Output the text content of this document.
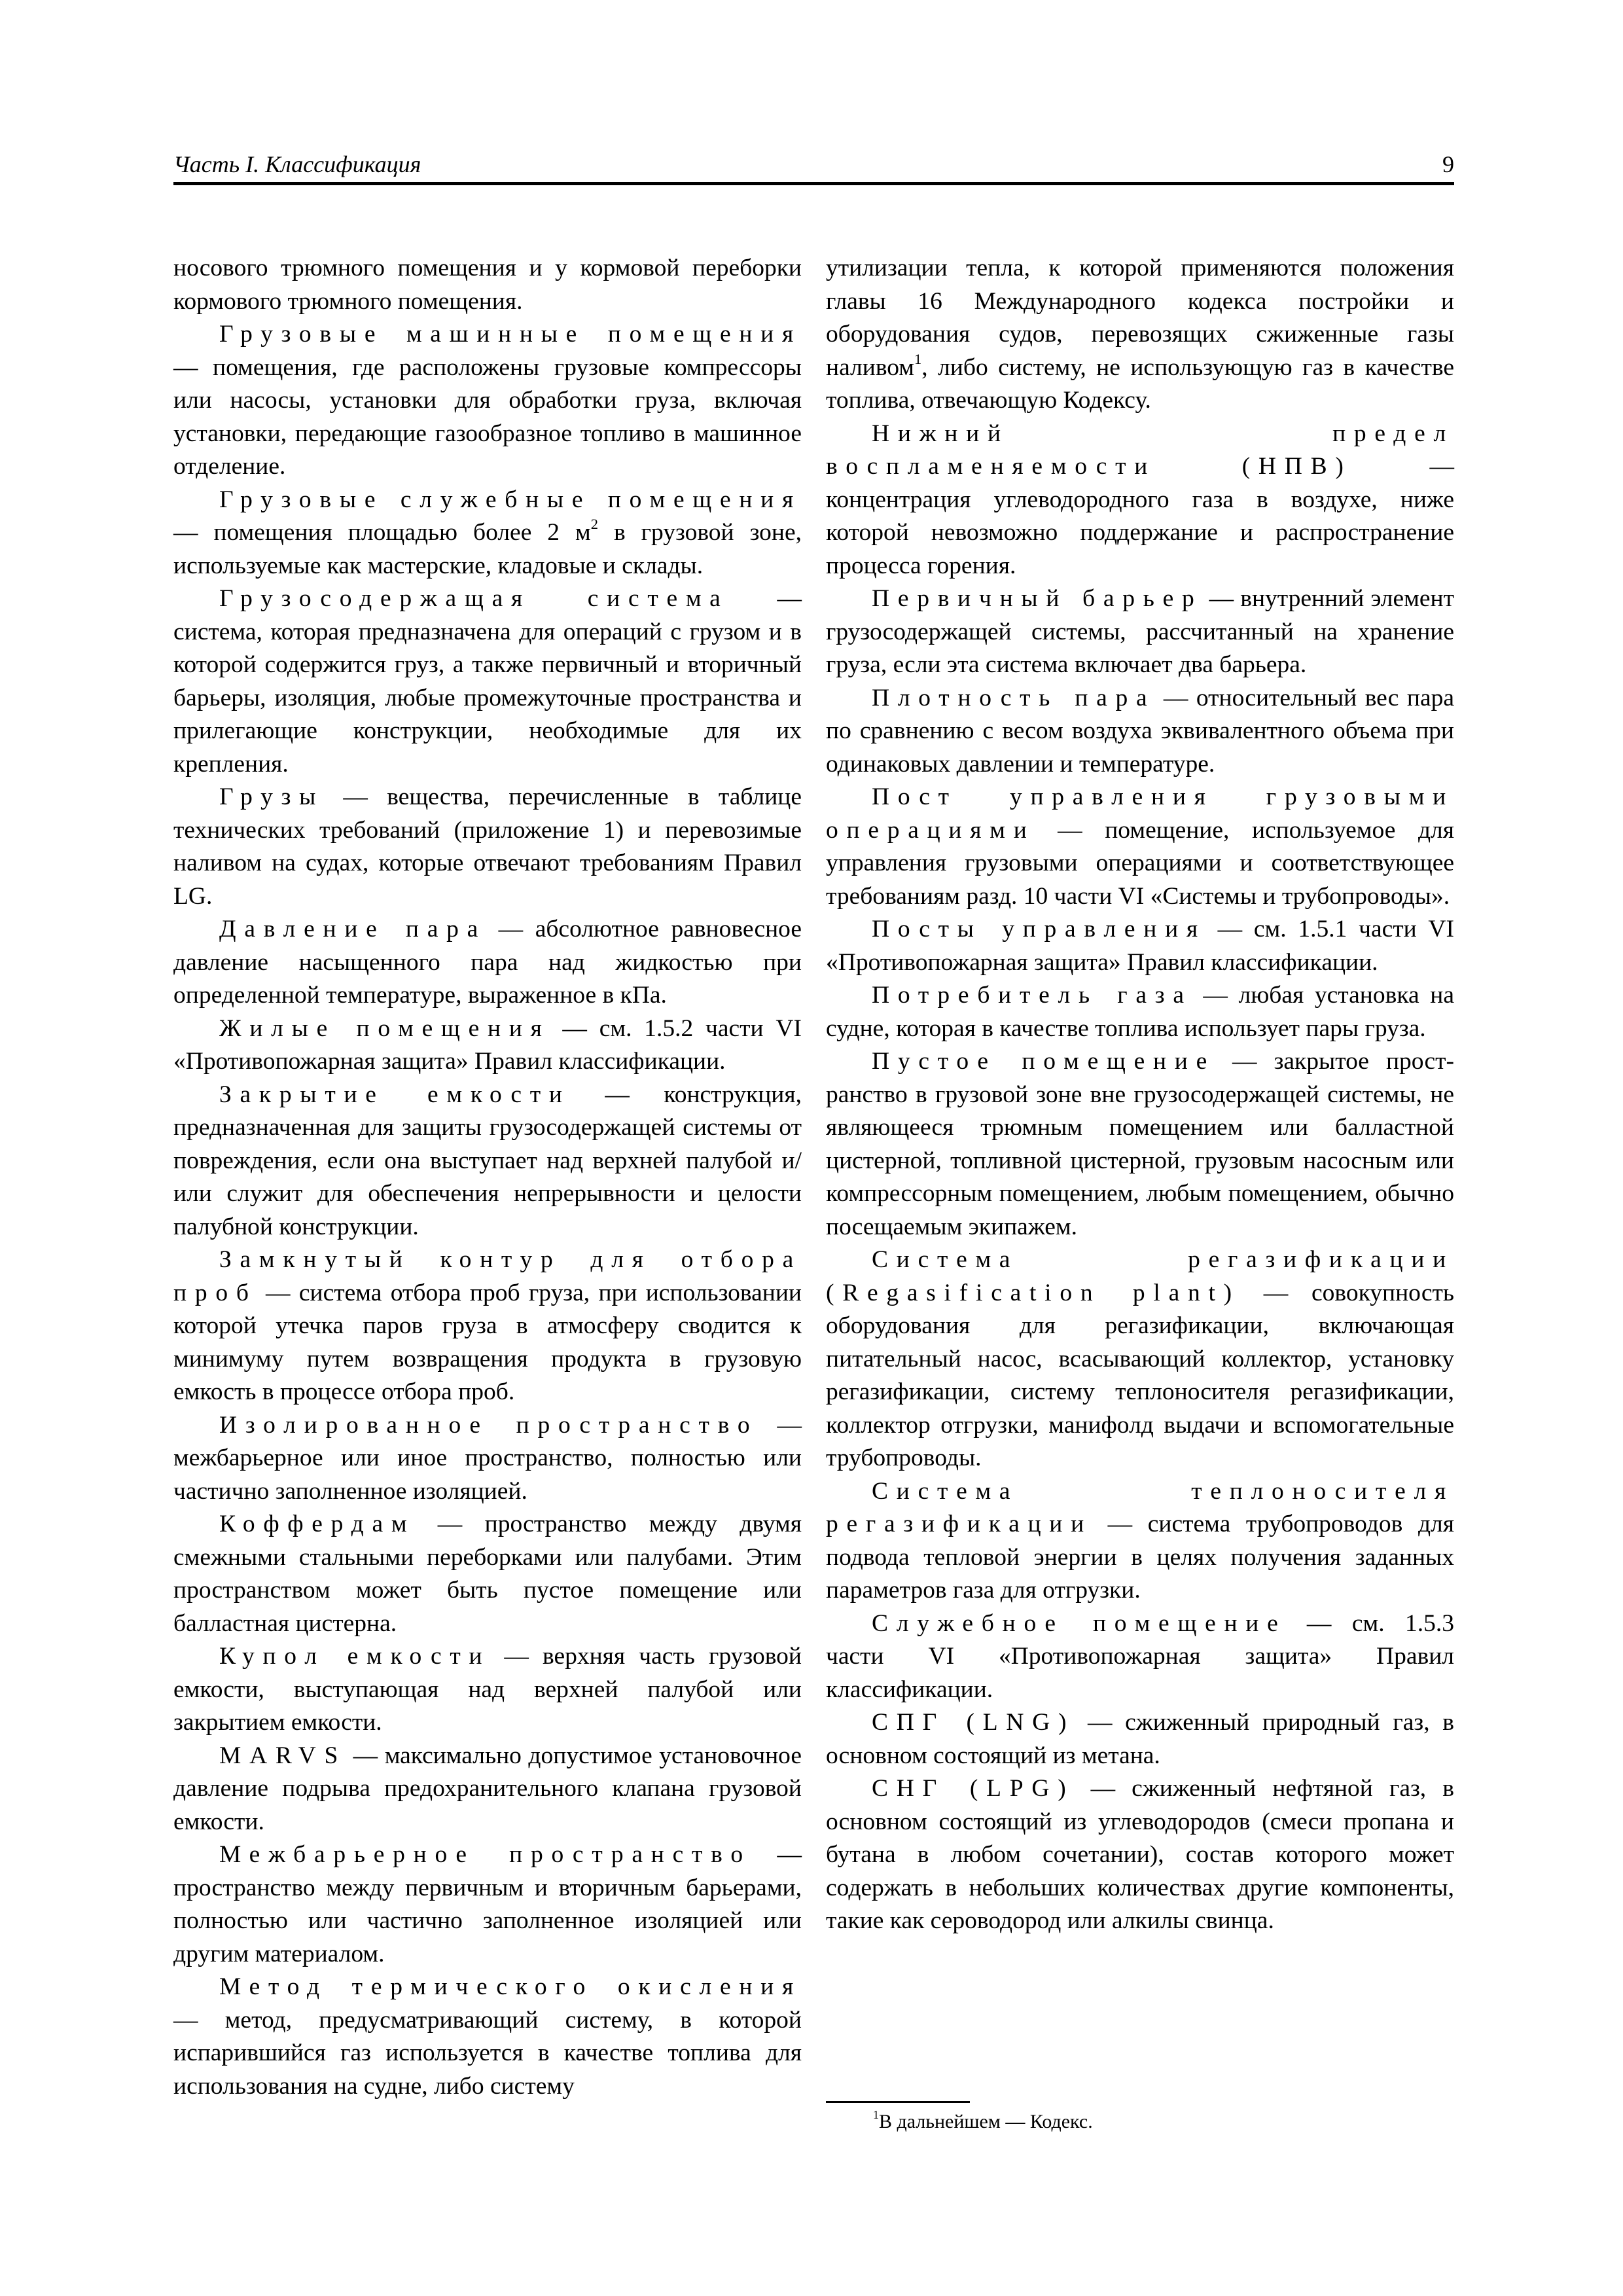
Часть I. Классификация	9

носового трюмного помещения и у кормовой переборки кормового трюмного помещения.

Грузовые машинные помещения — помещения, где расположены грузовые компрессоры или насосы, установки для обработки груза, включая установки, передающие газообразное топливо в машинное отделение.

Грузовые служебные помещения — помещения площадью более 2 $м^2$ в грузовой зоне, используемые как мастерские, кладовые и склады.

Грузосодержащая система — система, которая предназначена для операций с грузом и в которой содержится груз, а также первичный и вторичный барьеры, изоляция, любые промежуточные пространства и прилегающие конструкции, необходимые для их крепления.

Грузы — вещества, перечисленные в таблице технических требований (приложение 1) и перевозимые наливом на судах, которые отвечают требованиям Правил LG.

Давление пара — абсолютное равновесное давление насыщенного пара над жидкостью при определенной температуре, выраженное в кПа.

Жилые помещения — см. 1.5.2 части VI «Противопожарная защита» Правил классификации.

Закрытие емкости — конструкция, предназначенная для защиты грузосодержащей системы от повреждения, если она выступает над верхней палубой и/или служит для обеспечения непрерывности и целости палубной конструкции.

Замкнутый контур для отбора проб — система отбора проб груза, при использовании которой утечка паров груза в атмосферу сводится к минимуму путем возвращения продукта в грузовую емкость в процессе отбора проб.

Изолированное пространство — межбарьерное или иное пространство, полностью или частично заполненное изоляцией.

Коффердам — пространство между двумя смежными стальными переборками или палубами. Этим пространством может быть пустое помещение или балластная цистерна.

Купол емкости — верхняя часть грузовой емкости, выступающая над верхней палубой или закрытием емкости.

MARVS — максимально допустимое установочное давление подрыва предохранительного клапана грузовой емкости.

Межбарьерное пространство — пространство между первичным и вторичным барьерами, полностью или частично заполненное изоляцией или другим материалом.

Метод термического окисления — метод, предусматривающий систему, в которой испарившийся газ используется в качестве топлива для использования на судне, либо систему

утилизации тепла, к которой применяются положения главы 16 Международного кодекса постройки и оборудования судов, перевозящих сжиженные газы наливом$^1$, либо систему, не использующую газ в качестве топлива, отвечающую Кодексу.

Нижний предел воспламеняемости (НПВ) — концентрация углеводородного газа в воздухе, ниже которой невозможно поддержание и распространение процесса горения.

Первичный барьер — внутренний элемент грузосодержащей системы, рассчитанный на хранение груза, если эта система включает два барьера.

Плотность пара — относительный вес пара по сравнению с весом воздуха эквивалентного объема при одинаковых давлении и температуре.

Пост управления грузовыми операциями — помещение, используемое для управления грузовыми операциями и соответствующее требованиям разд. 10 части VI «Системы и трубопроводы».

Посты управления — см. 1.5.1 части VI «Противопожарная защита» Правил классификации.

Потребитель газа — любая установка на судне, которая в качестве топлива использует пары груза.

Пустое помещение — закрытое пространство в грузовой зоне вне грузосодержащей системы, не являющееся трюмным помещением или балластной цистерной, топливной цистерной, грузовым насосным или компрессорным помещением, любым помещением, обычно посещаемым экипажем.

Система регазификации (Regasification plant) — совокупность оборудования для регазификации, включающая питательный насос, всасывающий коллектор, установку регазификации, систему теплоносителя регазификации, коллектор отгрузки, манифолд выдачи и вспомогательные трубопроводы.

Система теплоносителя регазификации — система трубопроводов для подвода тепловой энергии в целях получения заданных параметров газа для отгрузки.

Служебное помещение — см. 1.5.3 части VI «Противопожарная защита» Правил классификации.

СПГ (LNG) — сжиженный природный газ, в основном состоящий из метана.

СНГ (LPG) — сжиженный нефтяной газ, в основном состоящий из углеводородов (смеси пропана и бутана в любом сочетании), состав которого может содержать в небольших количествах другие компоненты, такие как сероводород или алкилы свинца.

$^1$В дальнейшем — Кодекс.
